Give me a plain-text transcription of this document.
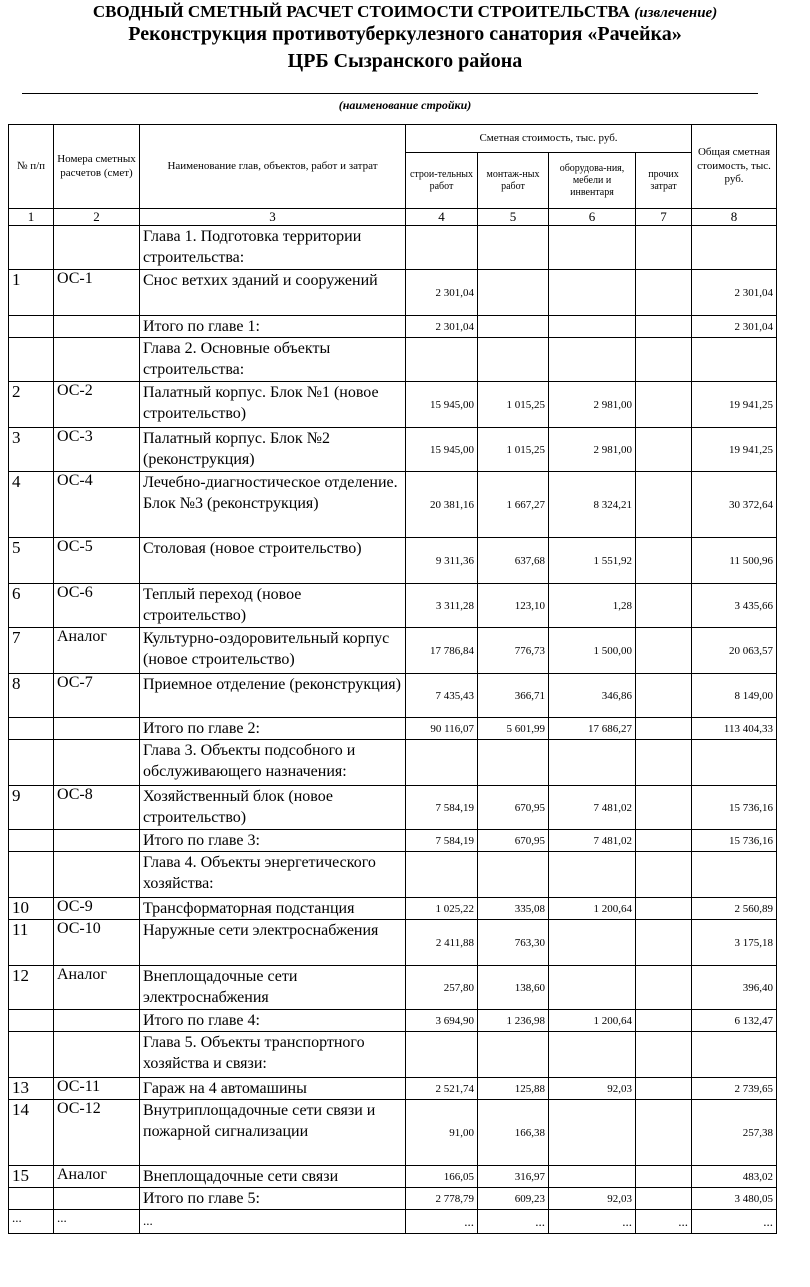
СВОДНЫЙ СМЕТНЫЙ РАСЧЕТ СТОИМОСТИ СТРОИТЕЛЬСТВА (извлечение)
Реконструкция противотуберкулезного санатория «Рачейка»
ЦРБ Сызранского района
(наименование стройки)
№ п/п	Номера сметных расчетов (смет)	Наименование глав, объектов, работ и затрат	Сметная стоимость, тыс. руб.				Общая сметная стоимость, тыс. руб.
			строи-тельных работ	монтаж-ных работ	оборудова-ния, мебели и инвентаря	прочих затрат	
1	2	3	4	5	6	7	8
		Глава 1. Подготовка территории строительства:					
1	ОС-1	Снос ветхих зданий и сооружений	2 301,04				2 301,04
		Итого по главе 1:	2 301,04				2 301,04
		Глава 2. Основные объекты строительства:					
2	ОС-2	Палатный корпус. Блок №1 (новое строительство)	15 945,00	1 015,25	2 981,00		19 941,25
3	ОС-3	Палатный корпус. Блок №2 (реконструкция)	15 945,00	1 015,25	2 981,00		19 941,25
4	ОС-4	Лечебно-диагностическое отделение. Блок №3 (реконструкция)	20 381,16	1 667,27	8 324,21		30 372,64
5	ОС-5	Столовая (новое строительство)	9 311,36	637,68	1 551,92		11 500,96
6	ОС-6	Теплый переход (новое строительство)	3 311,28	123,10	1,28		3 435,66
7	Аналог	Культурно-оздоровительный корпус (новое строительство)	17 786,84	776,73	1 500,00		20 063,57
8	ОС-7	Приемное отделение (реконструкция)	7 435,43	366,71	346,86		8 149,00
		Итого по главе 2:	90 116,07	5 601,99	17 686,27		113 404,33
		Глава 3. Объекты подсобного и обслуживающего назначения:					
9	ОС-8	Хозяйственный блок (новое строительство)	7 584,19	670,95	7 481,02		15 736,16
		Итого по главе 3:	7 584,19	670,95	7 481,02		15 736,16
		Глава 4. Объекты энергетического хозяйства:					
10	ОС-9	Трансформаторная подстанция	1 025,22	335,08	1 200,64		2 560,89
11	ОС-10	Наружные сети электроснабжения	2 411,88	763,30			3 175,18
12	Аналог	Внеплощадочные сети электроснабжения	257,80	138,60			396,40
		Итого по главе 4:	3 694,90	1 236,98	1 200,64		6 132,47
		Глава 5. Объекты транспортного хозяйства и связи:					
13	ОС-11	Гараж на 4 автомашины	2 521,74	125,88	92,03		2 739,65
14	ОС-12	Внутриплощадочные сети связи и пожарной сигнализации	91,00	166,38			257,38
15	Аналог	Внеплощадочные сети связи	166,05	316,97			483,02
		Итого по главе 5:	2 778,79	609,23	92,03		3 480,05
...	...	...	...	...	...	...	...
